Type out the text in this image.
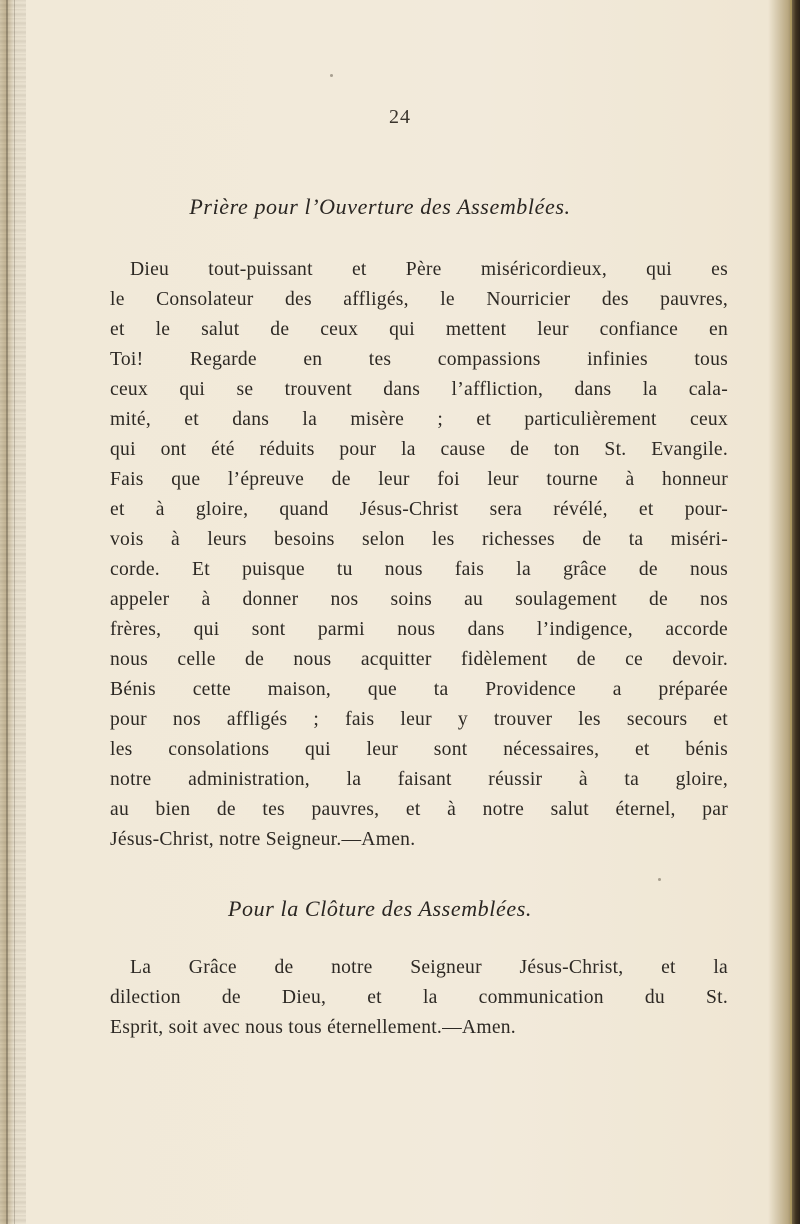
24
Prière pour l’Ouverture des Assemblées.
Dieu tout-puissant et Père miséricordieux, qui es
le Consolateur des affligés, le Nourricier des pauvres,
et le salut de ceux qui mettent leur confiance en
Toi! Regarde en tes compassions infinies tous
ceux qui se trouvent dans l’affliction, dans la cala-
mité, et dans la misère ; et particulièrement ceux
qui ont été réduits pour la cause de ton St. Evangile.
Fais que l’épreuve de leur foi leur tourne à honneur
et à gloire, quand Jésus-Christ sera révélé, et pour-
vois à leurs besoins selon les richesses de ta miséri-
corde. Et puisque tu nous fais la grâce de nous
appeler à donner nos soins au soulagement de nos
frères, qui sont parmi nous dans l’indigence, accorde
nous celle de nous acquitter fidèlement de ce devoir.
Bénis cette maison, que ta Providence a préparée
pour nos affligés ; fais leur y trouver les secours et
les consolations qui leur sont nécessaires, et bénis
notre administration, la faisant réussir à ta gloire,
au bien de tes pauvres, et à notre salut éternel, par
Jésus-Christ, notre Seigneur.—Amen.
Pour la Clôture des Assemblées.
La Grâce de notre Seigneur Jésus-Christ, et la
dilection de Dieu, et la communication du St.
Esprit, soit avec nous tous éternellement.—Amen.
